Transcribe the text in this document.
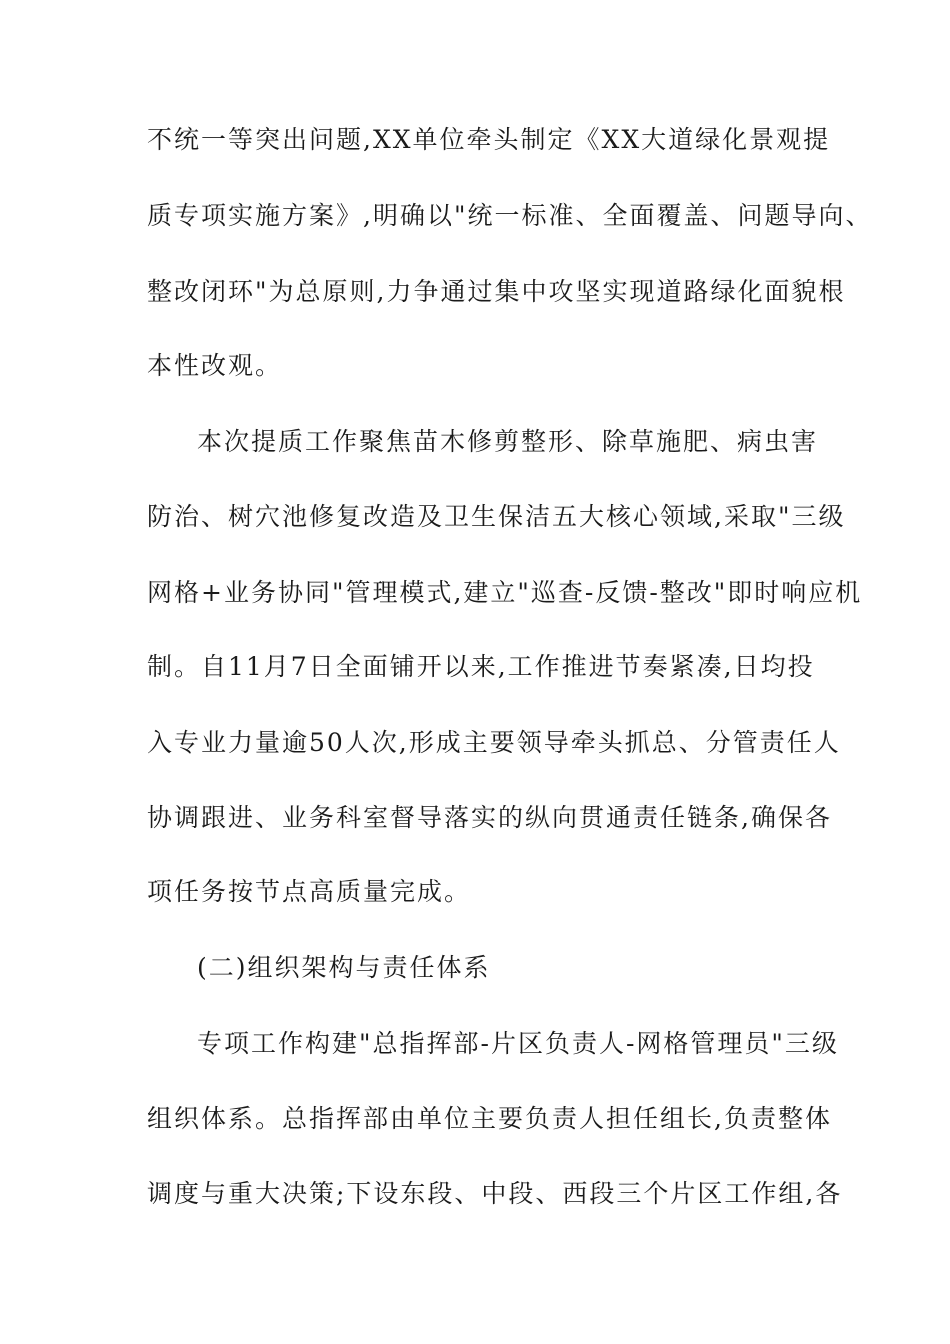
不统一等突出问题,XX单位牵头制定《XX大道绿化景观提
质专项实施方案》,明确以"统一标准、全面覆盖、问题导向、
整改闭环"为总原则,力争通过集中攻坚实现道路绿化面貌根
本性改观。
本次提质工作聚焦苗木修剪整形、除草施肥、病虫害
防治、树穴池修复改造及卫生保洁五大核心领域,采取"三级
网格+业务协同"管理模式,建立"巡查-反馈-整改"即时响应机
制。自11月7日全面铺开以来,工作推进节奏紧凑,日均投
入专业力量逾50人次,形成主要领导牵头抓总、分管责任人
协调跟进、业务科室督导落实的纵向贯通责任链条,确保各
项任务按节点高质量完成。
(二)组织架构与责任体系
专项工作构建"总指挥部-片区负责人-网格管理员"三级
组织体系。总指挥部由单位主要负责人担任组长,负责整体
调度与重大决策;下设东段、中段、西段三个片区工作组,各
